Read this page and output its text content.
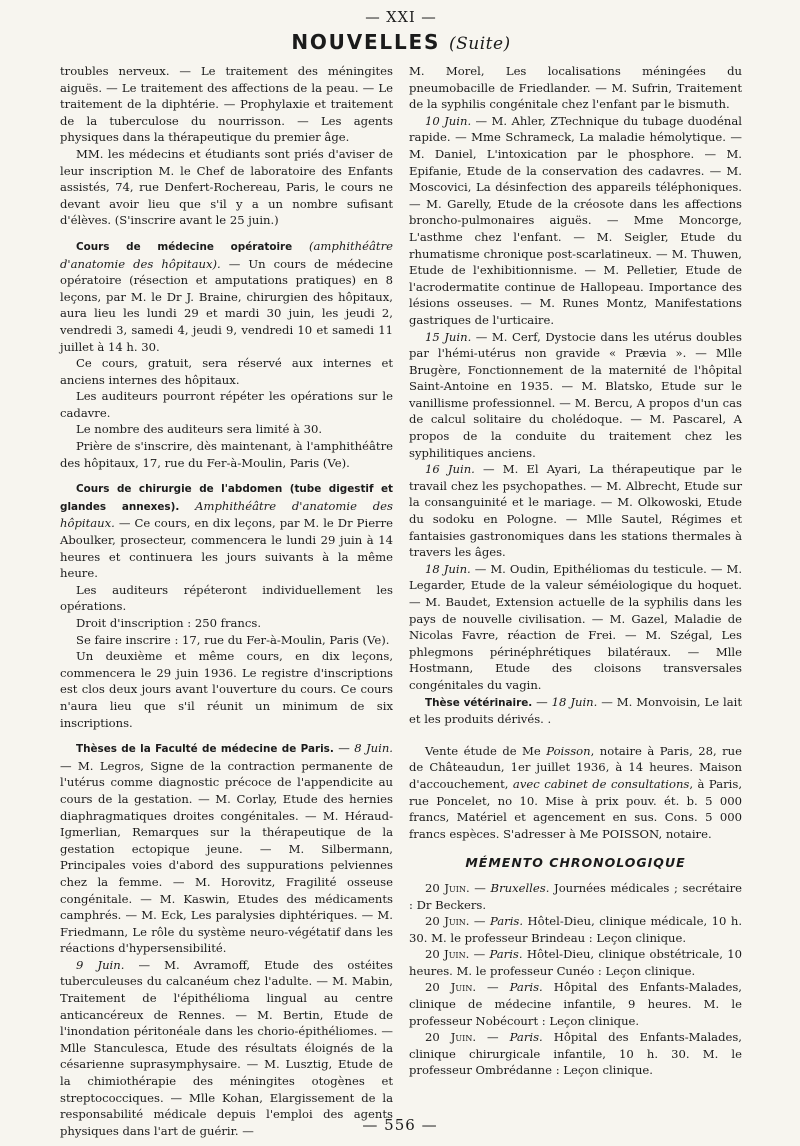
— XXI —
NOUVELLES (Suite)

troubles nerveux. — Le traitement des méningites aiguës. — Le traitement des affections de la peau. — Le traitement de la diphtérie. — Prophylaxie et traitement de la tuberculose du nourrisson. — Les agents physiques dans la thérapeutique du premier âge.

MM. les médecins et étudiants sont priés d'aviser de leur inscription M. le Chef de laboratoire des Enfants assistés, 74, rue Denfert-Rochereau, Paris, le cours ne devant avoir lieu que s'il y a un nombre sufisant d'élèves. (S'inscrire avant le 25 juin.)

Cours de médecine opératoire (amphithéâtre d'anatomie des hôpitaux). — Un cours de médecine opératoire (résection et amputations pratiques) en 8 leçons, par M. le Dr J. Braine, chirurgien des hôpitaux, aura lieu les lundi 29 et mardi 30 juin, les jeudi 2, vendredi 3, samedi 4, jeudi 9, vendredi 10 et samedi 11 juillet à 14 h. 30.

Ce cours, gratuit, sera réservé aux internes et anciens internes des hôpitaux.

Les auditeurs pourront répéter les opérations sur le cadavre.

Le nombre des auditeurs sera limité à 30.

Prière de s'inscrire, dès maintenant, à l'amphithéâtre des hôpitaux, 17, rue du Fer-à-Moulin, Paris (Ve).

Cours de chirurgie de l'abdomen (tube digestif et glandes annexes). Amphithéâtre d'anatomie des hôpitaux. — Ce cours, en dix leçons, par M. le Dr Pierre Aboulker, prosecteur, commencera le lundi 29 juin à 14 heures et continuera les jours suivants à la même heure.

Les auditeurs répéteront individuellement les opérations.

Droit d'inscription : 250 francs.

Se faire inscrire : 17, rue du Fer-à-Moulin, Paris (Ve).

Un deuxième et même cours, en dix leçons, commencera le 29 juin 1936. Le registre d'inscriptions est clos deux jours avant l'ouverture du cours. Ce cours n'aura lieu que s'il réunit un minimum de six inscriptions.

Thèses de la Faculté de médecine de Paris. — 8 Juin. — M. Legros, Signe de la contraction permanente de l'utérus comme diagnostic précoce de l'appendicite au cours de la gestation. — M. Corlay, Etude des hernies diaphragmatiques droites congénitales. — M. Héraud-Igmerlian, Remarques sur la thérapeutique de la gestation ectopique jeune. — M. Silbermann, Principales voies d'abord des suppurations pelviennes chez la femme. — M. Horovitz, Fragilité osseuse congénitale. — M. Kaswin, Etudes des médicaments camphrés. — M. Eck, Les paralysies diphtériques. — M. Friedmann, Le rôle du système neuro-végétatif dans les réactions d'hypersensibilité.

9 Juin. — M. Avramoff, Etude des ostéites tuberculeuses du calcanéum chez l'adulte. — M. Mabin, Traitement de l'épithélioma lingual au centre anticancéreux de Rennes. — M. Bertin, Etude de l'inondation péritonéale dans les chorio-épithéliomes. — Mlle Stanculesca, Etude des résultats éloignés de la césarienne suprasymphysaire. — M. Lusztig, Etude de la chimiothérapie des méningites otogènes et streptococciques. — Mlle Kohan, Elargissement de la responsabilité médicale depuis l'emploi des agents physiques dans l'art de guérir. —

M. Morel, Les localisations méningées du pneumobacille de Friedlander. — M. Sufrin, Traitement de la syphilis congénitale chez l'enfant par le bismuth.

10 Juin. — M. Ahler, ZTechnique du tubage duodénal rapide. — Mme Schrameck, La maladie hémolytique. — M. Daniel, L'intoxication par le phosphore. — M. Epifanie, Etude de la conservation des cadavres. — M. Moscovici, La désinfection des appareils téléphoniques. — M. Garelly, Etude de la créosote dans les affections broncho-pulmonaires aiguës. — Mme Moncorge, L'asthme chez l'enfant. — M. Seigler, Etude du rhumatisme chronique post-scarlatineux. — M. Thuwen, Etude de l'exhibitionnisme. — M. Pelletier, Etude de l'acrodermatite continue de Hallopeau. Importance des lésions osseuses. — M. Runes Montz, Manifestations gastriques de l'urticaire.

15 Juin. — M. Cerf, Dystocie dans les utérus doubles par l'hémi-utérus non gravide « Prævia ». — Mlle Brugère, Fonctionnement de la maternité de l'hôpital Saint-Antoine en 1935. — M. Blatsko, Etude sur le vanillisme professionnel. — M. Bercu, A propos d'un cas de calcul solitaire du cholédoque. — M. Pascarel, A propos de la conduite du traitement chez les syphilitiques anciens.

16 Juin. — M. El Ayari, La thérapeutique par le travail chez les psychopathes. — M. Albrecht, Etude sur la consanguinité et le mariage. — M. Olkowoski, Etude du sodoku en Pologne. — Mlle Sautel, Régimes et fantaisies gastronomiques dans les stations thermales à travers les âges.

18 Juin. — M. Oudin, Epithéliomas du testicule. — M. Legarder, Etude de la valeur séméiologique du hoquet. — M. Baudet, Extension actuelle de la syphilis dans les pays de nouvelle civilisation. — M. Gazel, Maladie de Nicolas Favre, réaction de Frei. — M. Szégal, Les phlegmons périnéphrétiques bilatéraux. — Mlle Hostmann, Etude des cloisons transversales congénitales du vagin.

Thèse vétérinaire. — 18 Juin. — M. Monvoisin, Le lait et les produits dérivés. .

Vente étude de Me Poisson, notaire à Paris, 28, rue de Châteaudun, 1er juillet 1936, à 14 heures. Maison d'accouchement, avec cabinet de consultations, à Paris, rue Poncelet, no 10. Mise à prix pouv. ét. b. 5 000 francs, Matériel et agencement en sus. Cons. 5 000 francs espèces. S'adresser à Me POISSON, notaire.

MÉMENTO CHRONOLOGIQUE

20 Juin. — Bruxelles. Journées médicales ; secrétaire : Dr Beckers.

20 Juin. — Paris. Hôtel-Dieu, clinique médicale, 10 h. 30. M. le professeur Brindeau : Leçon clinique.

20 Juin. — Paris. Hôtel-Dieu, clinique obstétricale, 10 heures. M. le professeur Cunéo : Leçon clinique.

20 Juin. — Paris. Hôpital des Enfants-Malades, clinique de médecine infantile, 9 heures. M. le professeur Nobécourt : Leçon clinique.

20 Juin. — Paris. Hôpital des Enfants-Malades, clinique chirurgicale infantile, 10 h. 30. M. le professeur Ombrédanne : Leçon clinique.

— 556 —
